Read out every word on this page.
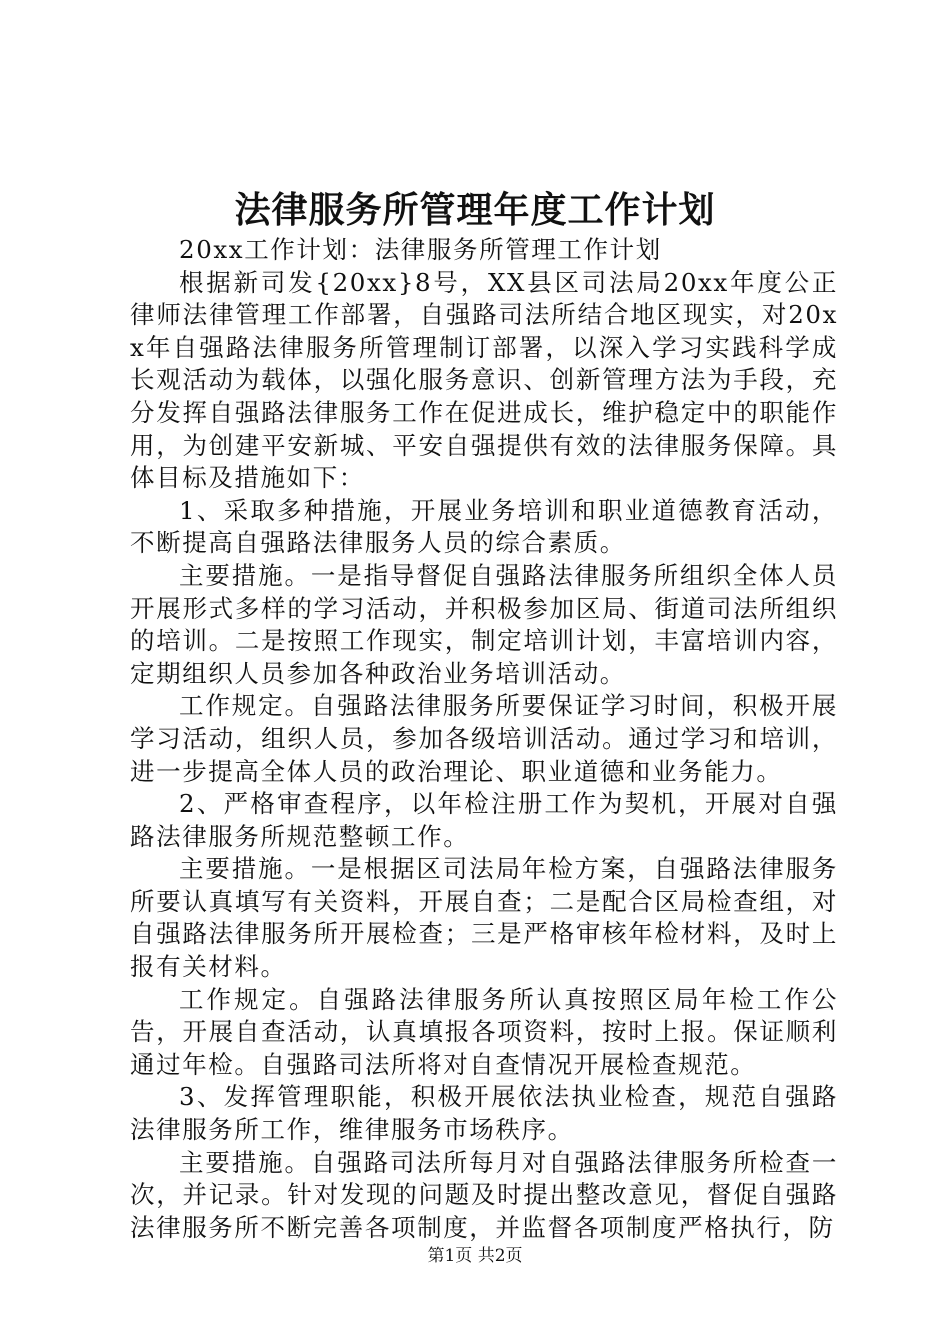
法律服务所管理年度工作计划

20xx工作计划：法律服务所管理工作计划

根据新司发{20xx}8号，XX县区司法局20xx年度公正律师法律管理工作部署，自强路司法所结合地区现实，对20xx年自强路法律服务所管理制订部署，以深入学习实践科学成长观活动为载体，以强化服务意识、创新管理方法为手段，充分发挥自强路法律服务工作在促进成长，维护稳定中的职能作用，为创建平安新城、平安自强提供有效的法律服务保障。具体目标及措施如下：

1、采取多种措施，开展业务培训和职业道德教育活动，不断提高自强路法律服务人员的综合素质。

主要措施。一是指导督促自强路法律服务所组织全体人员开展形式多样的学习活动，并积极参加区局、街道司法所组织的培训。二是按照工作现实，制定培训计划，丰富培训内容，定期组织人员参加各种政治业务培训活动。

工作规定。自强路法律服务所要保证学习时间，积极开展学习活动，组织人员，参加各级培训活动。通过学习和培训，进一步提高全体人员的政治理论、职业道德和业务能力。

2、严格审查程序，以年检注册工作为契机，开展对自强路法律服务所规范整顿工作。

主要措施。一是根据区司法局年检方案，自强路法律服务所要认真填写有关资料，开展自查；二是配合区局检查组，对自强路法律服务所开展检查；三是严格审核年检材料，及时上报有关材料。

工作规定。自强路法律服务所认真按照区局年检工作公告，开展自查活动，认真填报各项资料，按时上报。保证顺利通过年检。自强路司法所将对自查情况开展检查规范。

3、发挥管理职能，积极开展依法执业检查，规范自强路法律服务所工作，维律服务市场秩序。

主要措施。自强路司法所每月对自强路法律服务所检查一次，并记录。针对发现的问题及时提出整改意见，督促自强路法律服务所不断完善各项制度，并监督各项制度严格执行，防

第1页 共2页
